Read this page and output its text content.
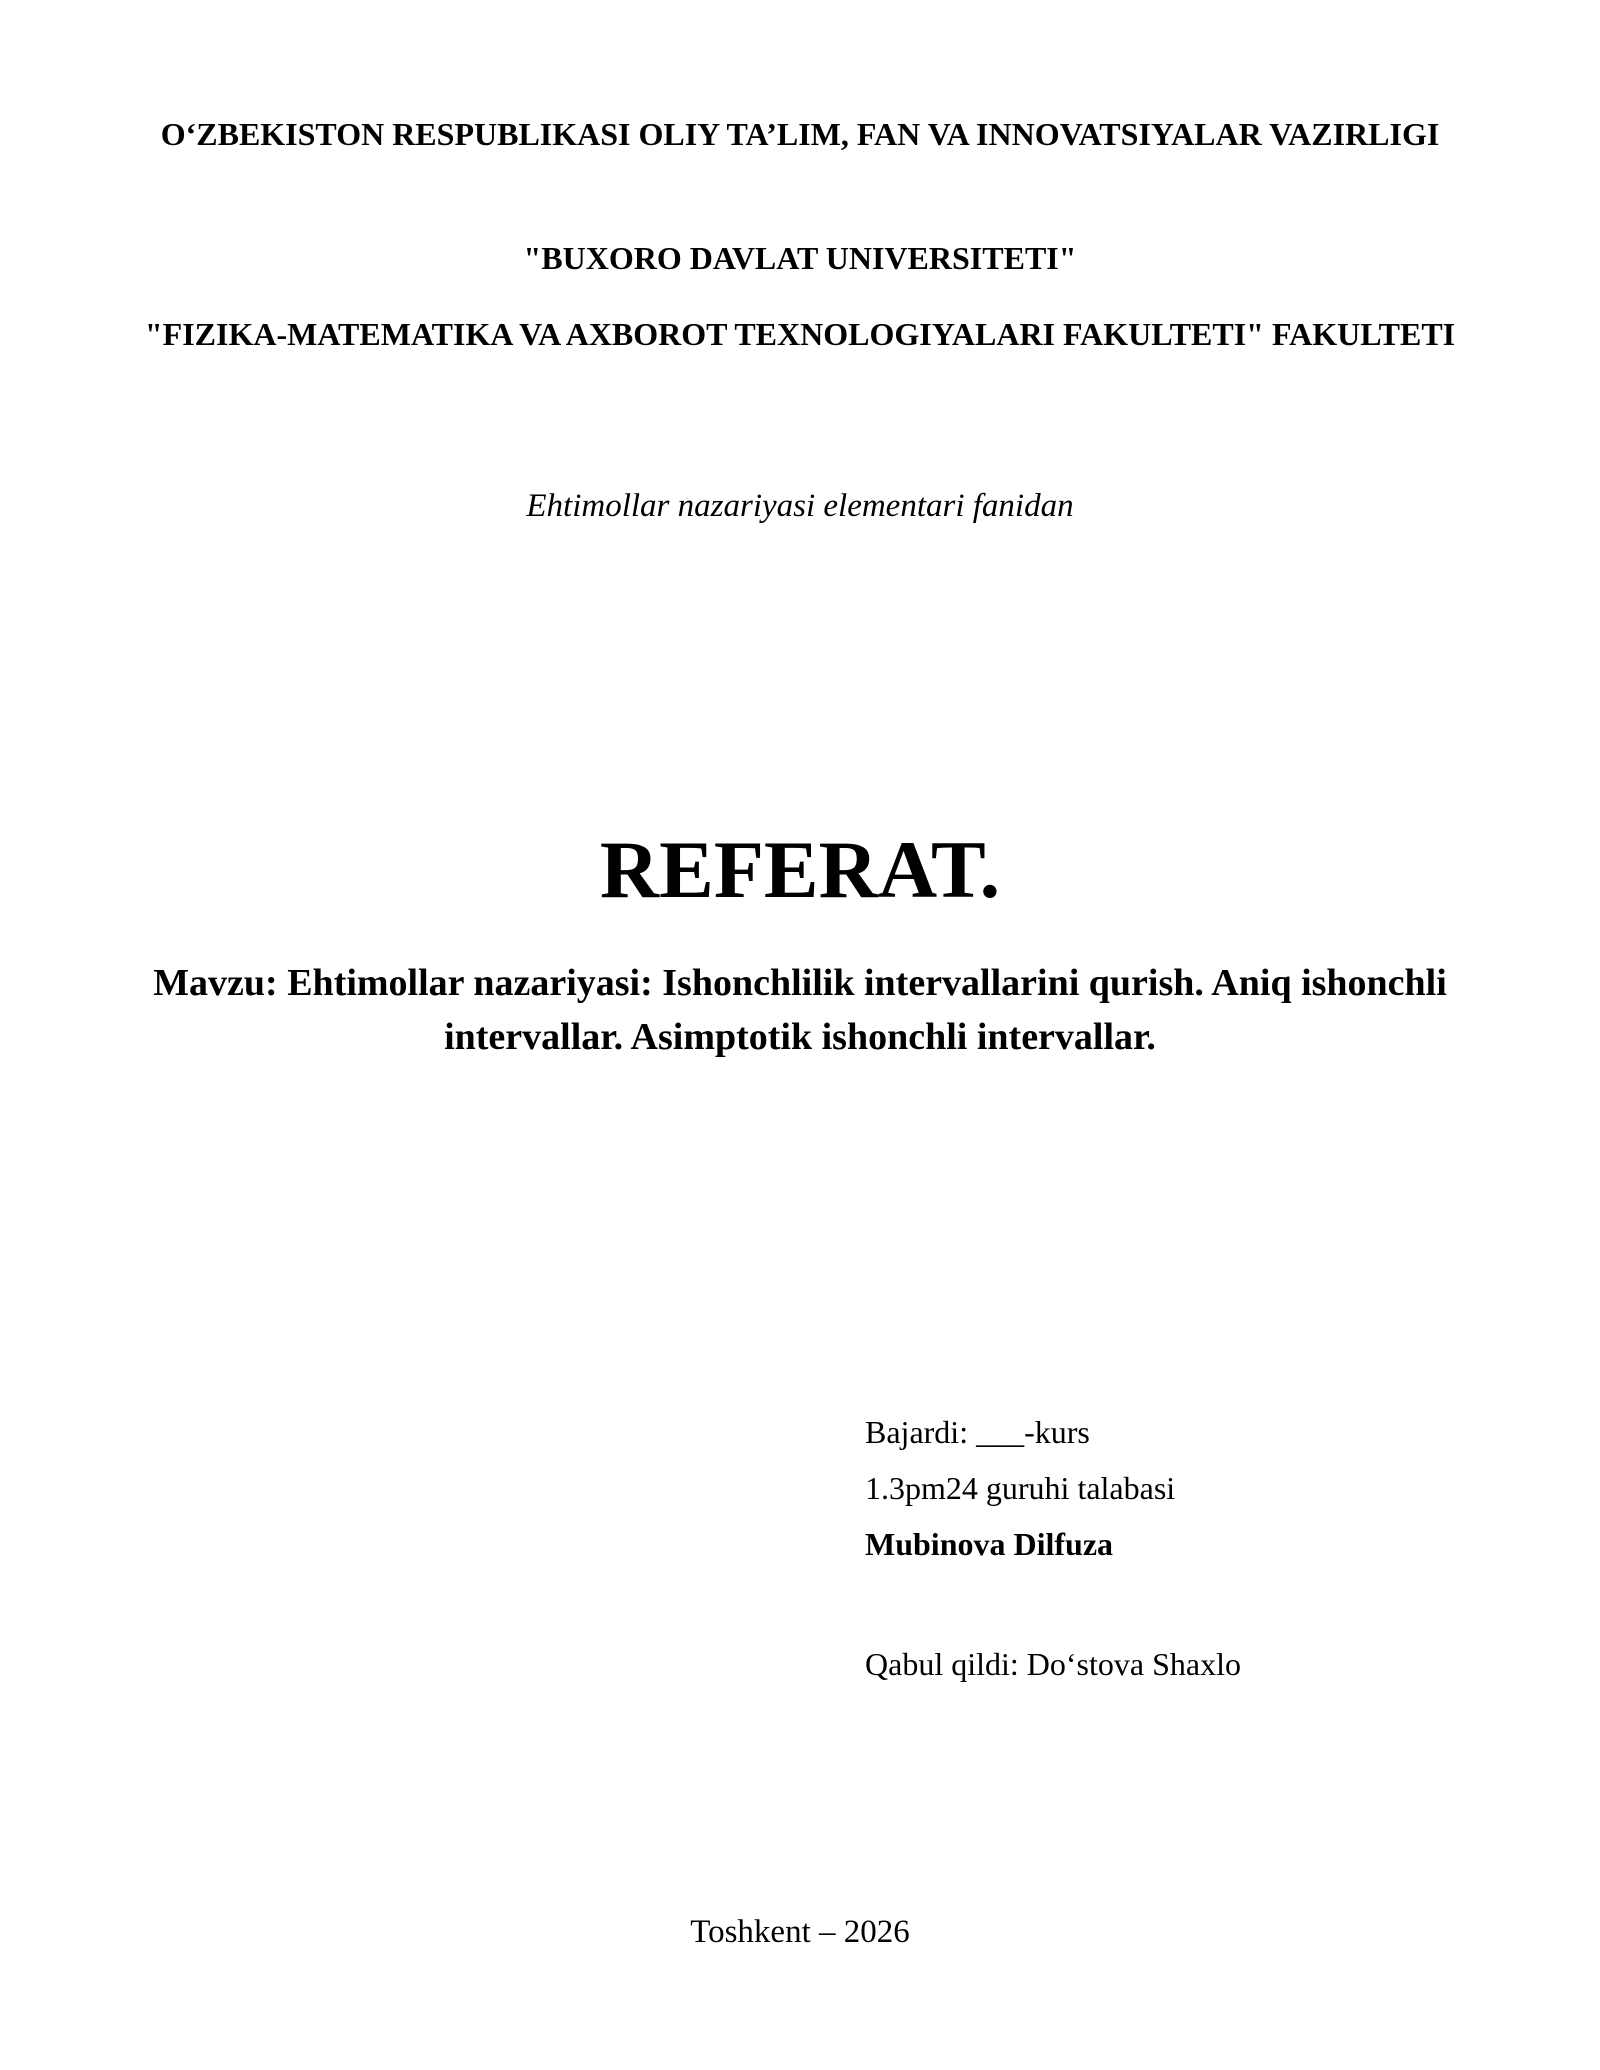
O‘ZBEKISTON RESPUBLIKASI OLIY TA’LIM, FAN VA INNOVATSIYALAR VAZIRLIGI
"BUXORO DAVLAT UNIVERSITETI"
"FIZIKA-MATEMATIKA VA AXBOROT TEXNOLOGIYALARI FAKULTETI" FAKULTETI
Ehtimollar nazariyasi elementari fanidan
REFERAT.
Mavzu: Ehtimollar nazariyasi: Ishonchlilik intervallarini qurish. Aniq ishonchli intervallar. Asimptotik ishonchli intervallar.
Bajardi: ___-kurs
1.3pm24 guruhi talabasi
Mubinova Dilfuza
Qabul qildi: Do‘stova Shaxlo
Toshkent – 2026
